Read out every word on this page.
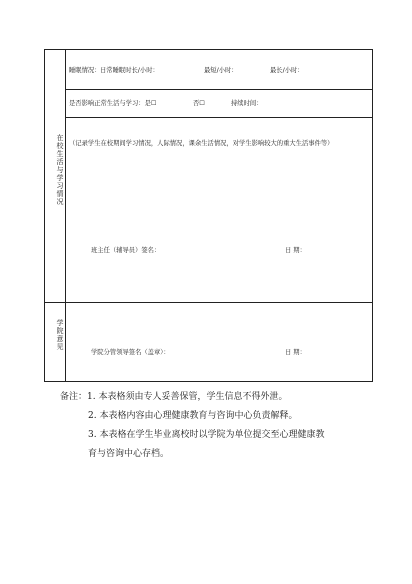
在校生活与学习情况
睡眠情况： 日常睡眠时长/小时：	最短/小时：	最长/小时：
是否影响正常生活与学习：是☐	否☐	持续时间：
（记录学生在校期间学习情况，人际情况，课余生活情况，对学生影响较大的重大生活事件等）
班主任（辅导员）签名：	日 期：
学院意见
学院分管领导签名（盖章）：	日 期：
备注：1. 本表格须由专人妥善保管，学生信息不得外泄。
2. 本表格内容由心理健康教育与咨询中心负责解释。
3. 本表格在学生毕业离校时以学院为单位提交至心理健康教
育与咨询中心存档。
